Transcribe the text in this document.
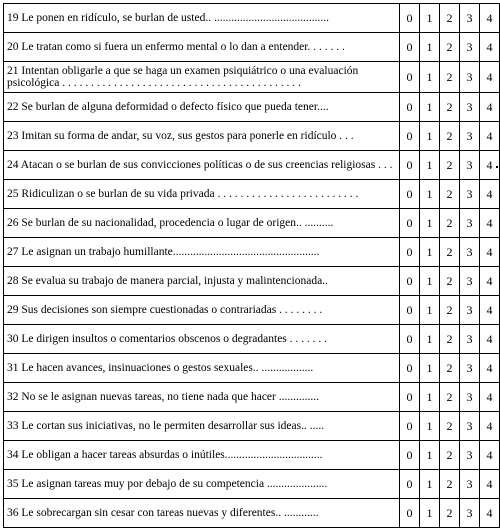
19 Le ponen en ridículo, se burlan de usted.. ........................................	0	1	2	3	4
20 Le tratan como si fuera un enfermo mental o lo dan a entender. . . . . . .	0	1	2	3	4
21 Intentan obligarle a que se haga un examen psiquiátrico o una evaluación psicológica . . . . . . . . . . . . . . . . . . . . . . . . . . . . . . . . . . . . . . . . . .	0	1	2	3	4
22 Se burlan de alguna deformidad o defecto físico que pueda tener....	0	1	2	3	4
23 Imitan su forma de andar, su voz, sus gestos para ponerle en ridículo . . .	0	1	2	3	4
24 Atacan o se burlan de sus convicciones políticas o de sus creencias religiosas . . .	0	1	2	3	4
25 Ridiculizan o se burlan de su vida privada . . . . . . . . . . . . . . . . . . . . . . . . .	0	1	2	3	4
26 Se burlan de su nacionalidad, procedencia o lugar de origen.. ..........	0	1	2	3	4
27 Le asignan un trabajo humillante...................................................	0	1	2	3	4
28 Se evalua su trabajo de manera parcial, injusta y malintencionada..	0	1	2	3	4
29 Sus decisiones son siempre cuestionadas o contrariadas . . . . . . . .	0	1	2	3	4
30 Le dirigen insultos o comentarios obscenos o degradantes . . . . . . .	0	1	2	3	4
31 Le hacen avances, insinuaciones o gestos sexuales.. ..................	0	1	2	3	4
32 No se le asignan nuevas tareas, no tiene nada que hacer ..............	0	1	2	3	4
33 Le cortan sus iniciativas, no le permiten desarrollar sus ideas.. .....	0	1	2	3	4
34 Le obligan a hacer tareas absurdas o inútiles..................................	0	1	2	3	4
35 Le asignan tareas muy por debajo de su competencia .....................	0	1	2	3	4
36 Le sobrecargan sin cesar con tareas nuevas y diferentes.. ............	0	1	2	3	4
